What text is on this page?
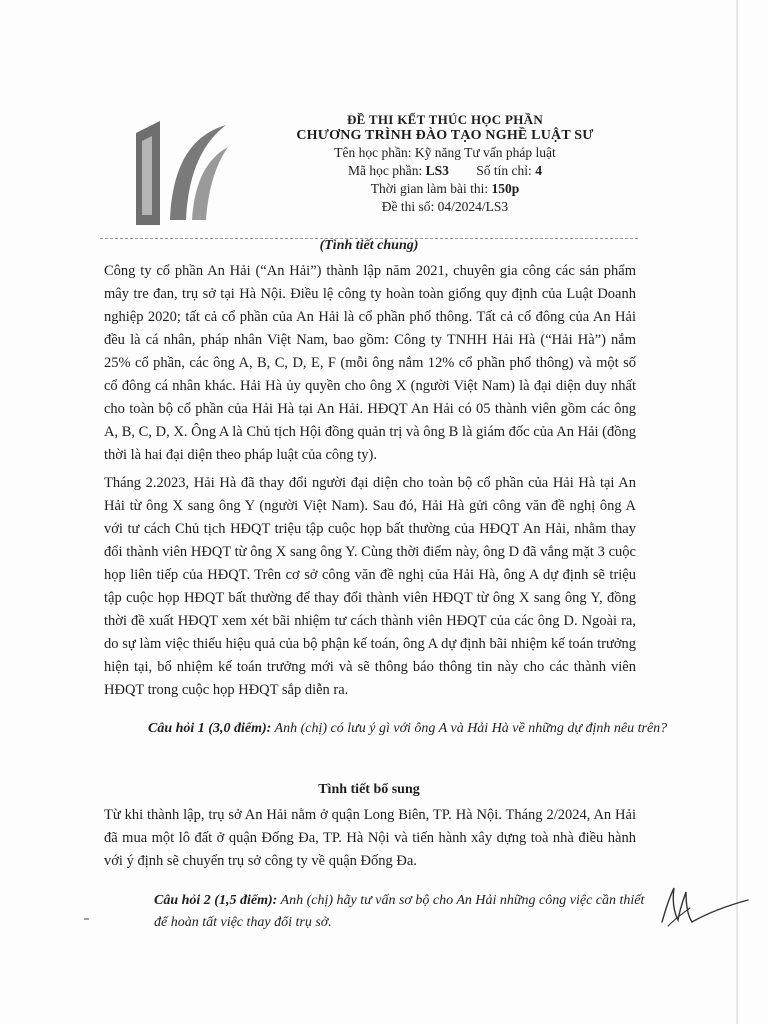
ĐỀ THI KẾT THÚC HỌC PHẦN
CHƯƠNG TRÌNH ĐÀO TẠO NGHỀ LUẬT SƯ
Tên học phần: Kỹ năng Tư vấn pháp luật
Mã học phần: LS3 Số tín chỉ: 4
Thời gian làm bài thi: 150p
Đề thi số: 04/2024/LS3
(Tình tiết chung)
Công ty cổ phần An Hải (“An Hải”) thành lập năm 2021, chuyên gia công các sản phẩm mây tre đan, trụ sở tại Hà Nội. Điều lệ công ty hoàn toàn giống quy định của Luật Doanh nghiệp 2020; tất cả cổ phần của An Hải là cổ phần phổ thông. Tất cả cổ đông của An Hải đều là cá nhân, pháp nhân Việt Nam, bao gồm: Công ty TNHH Hải Hà (“Hải Hà”) nắm 25% cổ phần, các ông A, B, C, D, E, F (mỗi ông nắm 12% cổ phần phổ thông) và một số cổ đông cá nhân khác. Hải Hà ủy quyền cho ông X (người Việt Nam) là đại diện duy nhất cho toàn bộ cổ phần của Hải Hà tại An Hải. HĐQT An Hải có 05 thành viên gồm các ông A, B, C, D, X. Ông A là Chủ tịch Hội đồng quản trị và ông B là giám đốc của An Hải (đồng thời là hai đại diện theo pháp luật của công ty).
Tháng 2.2023, Hải Hà đã thay đổi người đại diện cho toàn bộ cổ phần của Hải Hà tại An Hải từ ông X sang ông Y (người Việt Nam). Sau đó, Hải Hà gửi công văn đề nghị ông A với tư cách Chủ tịch HĐQT triệu tập cuộc họp bất thường của HĐQT An Hải, nhằm thay đổi thành viên HĐQT từ ông X sang ông Y. Cùng thời điểm này, ông D đã vắng mặt 3 cuộc họp liên tiếp của HĐQT. Trên cơ sở công văn đề nghị của Hải Hà, ông A dự định sẽ triệu tập cuộc họp HĐQT bất thường để thay đổi thành viên HĐQT từ ông X sang ông Y, đồng thời đề xuất HĐQT xem xét bãi nhiệm tư cách thành viên HĐQT của các ông D. Ngoài ra, do sự làm việc thiếu hiệu quả của bộ phận kế toán, ông A dự định bãi nhiệm kế toán trưởng hiện tại, bổ nhiệm kế toán trưởng mới và sẽ thông báo thông tin này cho các thành viên HĐQT trong cuộc họp HĐQT sắp diễn ra.
Câu hỏi 1 (3,0 điểm): Anh (chị) có lưu ý gì với ông A và Hải Hà về những dự định nêu trên?
Tình tiết bổ sung
Từ khi thành lập, trụ sở An Hải nằm ở quận Long Biên, TP. Hà Nội. Tháng 2/2024, An Hải đã mua một lô đất ở quận Đống Đa, TP. Hà Nội và tiến hành xây dựng toà nhà điều hành với ý định sẽ chuyển trụ sở công ty về quận Đống Đa.
Câu hỏi 2 (1,5 điểm): Anh (chị) hãy tư vấn sơ bộ cho An Hải những công việc cần thiết để hoàn tất việc thay đổi trụ sở.
